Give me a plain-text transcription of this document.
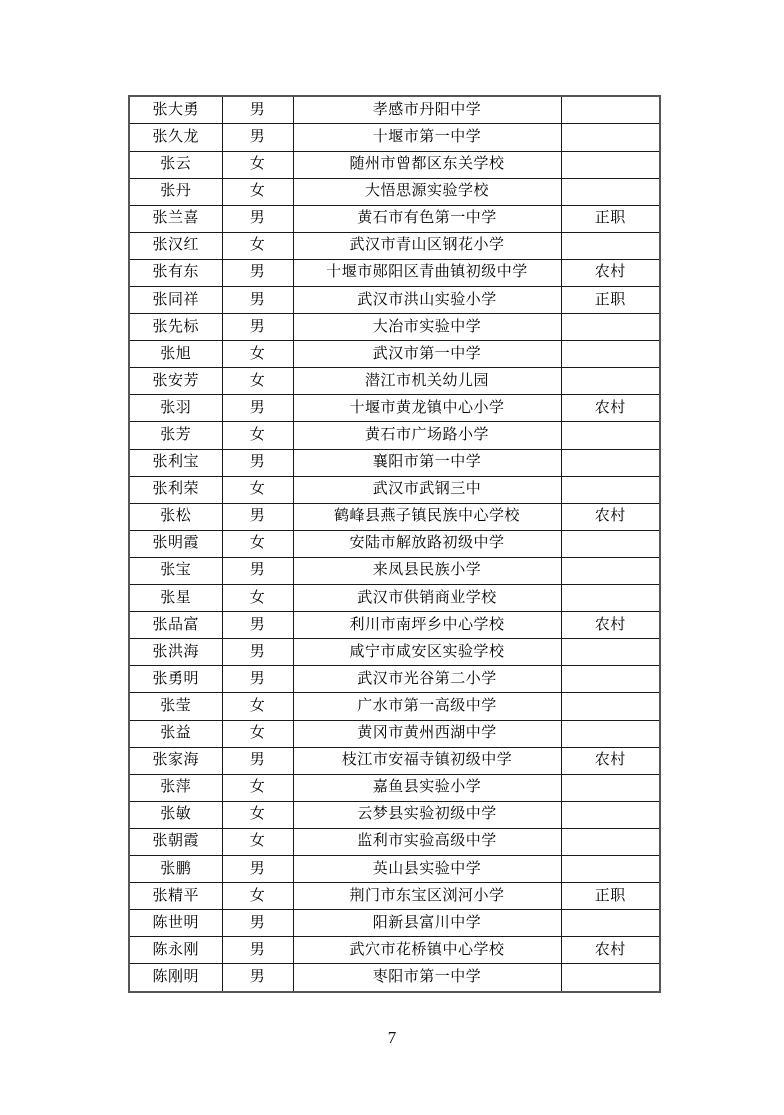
张大勇	男	孝感市丹阳中学	
张久龙	男	十堰市第一中学	
张云	女	随州市曾都区东关学校	
张丹	女	大悟思源实验学校	
张兰喜	男	黄石市有色第一中学	正职
张汉红	女	武汉市青山区钢花小学	
张有东	男	十堰市郧阳区青曲镇初级中学	农村
张同祥	男	武汉市洪山实验小学	正职
张先标	男	大冶市实验中学	
张旭	女	武汉市第一中学	
张安芳	女	潜江市机关幼儿园	
张羽	男	十堰市黄龙镇中心小学	农村
张芳	女	黄石市广场路小学	
张利宝	男	襄阳市第一中学	
张利荣	女	武汉市武钢三中	
张松	男	鹤峰县燕子镇民族中心学校	农村
张明霞	女	安陆市解放路初级中学	
张宝	男	来凤县民族小学	
张星	女	武汉市供销商业学校	
张品富	男	利川市南坪乡中心学校	农村
张洪海	男	咸宁市咸安区实验学校	
张勇明	男	武汉市光谷第二小学	
张莹	女	广水市第一高级中学	
张益	女	黄冈市黄州西湖中学	
张家海	男	枝江市安福寺镇初级中学	农村
张萍	女	嘉鱼县实验小学	
张敏	女	云梦县实验初级中学	
张朝霞	女	监利市实验高级中学	
张鹏	男	英山县实验中学	
张精平	女	荆门市东宝区浏河小学	正职
陈世明	男	阳新县富川中学	
陈永刚	男	武穴市花桥镇中心学校	农村
陈刚明	男	枣阳市第一中学	
7
